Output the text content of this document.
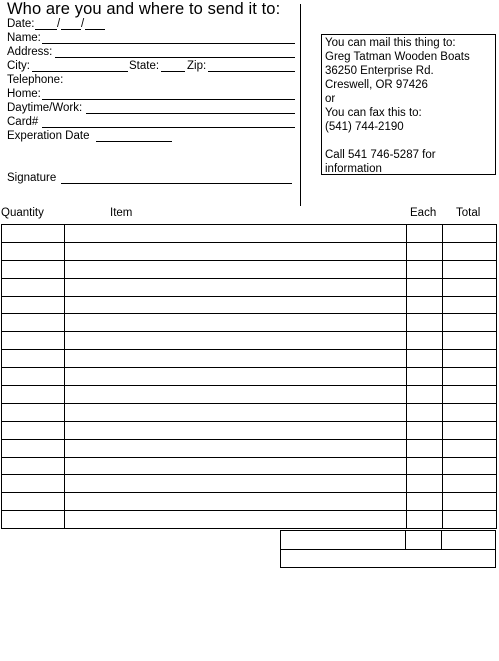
Who are you and where to send it to:
Date: / /
Name:
Address:
City:	State: Zip:
Telephone:
Home:
Daytime/Work:
Card#
Experation Date
Signature
You can mail this thing to:
Greg Tatman Wooden Boats
36250 Enterprise Rd.
Creswell, OR 97426
or
You can fax this to:
(541) 744-2190

Call 541 746-5287 for
information
Quantity	Item	Each Total
